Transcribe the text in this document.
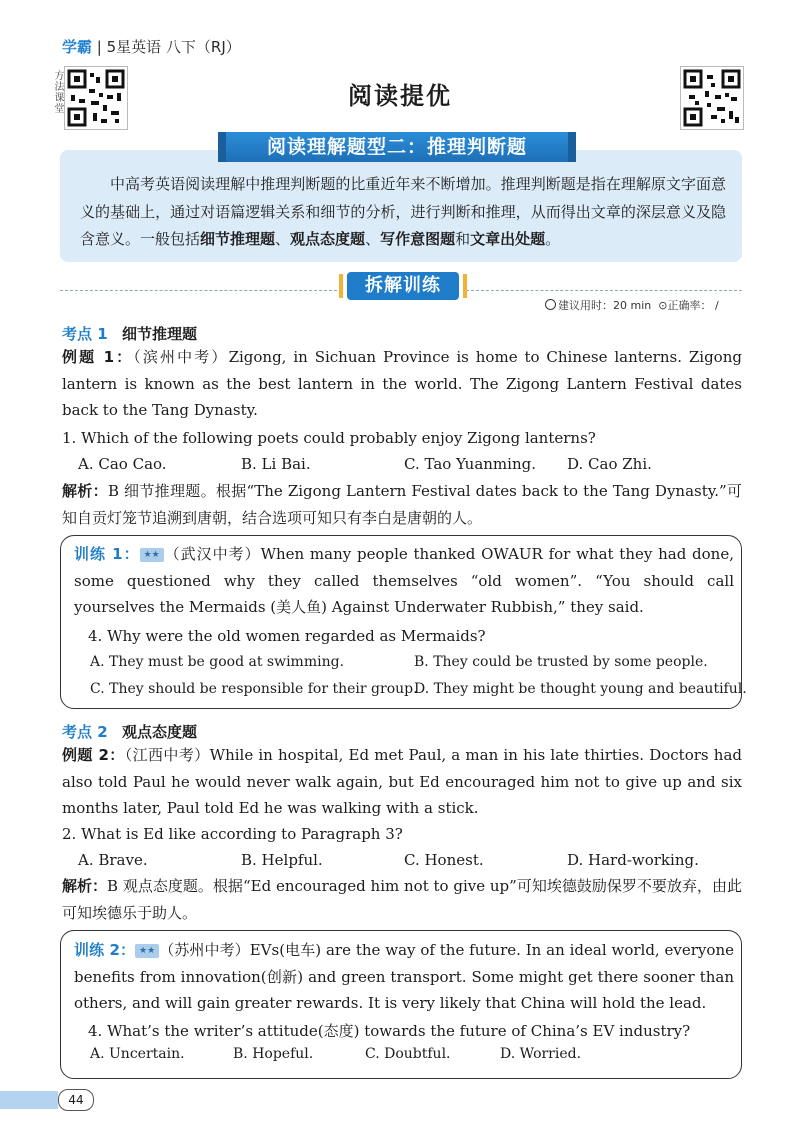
学霸 | 5星英语 八下（RJ）
方法课堂	阅读提优
阅读理解题型二：推理判断题
中高考英语阅读理解中推理判断题的比重近年来不断增加。推理判断题是指在理解原文字面意义的基础上，通过对语篇逻辑关系和细节的分析，进行判断和推理，从而得出文章的深层意义及隐含意义。一般包括细节推理题、观点态度题、写作意图题和文章出处题。
拆解训练
建议用时：20 min ⊙正确率： /
考点 1 细节推理题
例题 1：（滨州中考）Zigong, in Sichuan Province is home to Chinese lanterns. Zigong lantern is known as the best lantern in the world. The Zigong Lantern Festival dates back to the Tang Dynasty.
1. Which of the following poets could probably enjoy Zigong lanterns?
A. Cao Cao.	B. Li Bai.	C. Tao Yuanming. D. Cao Zhi.
解析：B 细节推理题。根据“The Zigong Lantern Festival dates back to the Tang Dynasty.”可知自贡灯笼节追溯到唐朝，结合选项可知只有李白是唐朝的人。
训练 1： ★★ （武汉中考）When many people thanked OWAUR for what they had done, some questioned why they called themselves “old women”. “You should call yourselves the Mermaids (美人鱼) Against Underwater Rubbish,” they said.
4. Why were the old women regarded as Mermaids?
A. They must be good at swimming.	B. They could be trusted by some people.
C. They should be responsible for their group.
D. They might be thought young and beautiful.
考点 2 观点态度题
例题 2：（江西中考）While in hospital, Ed met Paul, a man in his late thirties. Doctors had also told Paul he would never walk again, but Ed encouraged him not to give up and six months later, Paul told Ed he was walking with a stick.
2. What is Ed like according to Paragraph 3?
A. Brave.	B. Helpful.	C. Honest.	D. Hard-working.
解析：B 观点态度题。根据“Ed encouraged him not to give up”可知埃德鼓励保罗不要放弃，由此可知埃德乐于助人。
训练 2： ★★ （苏州中考）EVs(电车) are the way of the future. In an ideal world, everyone benefits from innovation(创新) and green transport. Some might get there sooner than others, and will gain greater rewards. It is very likely that China will hold the lead.
4. What’s the writer’s attitude(态度) towards the future of China’s EV industry?
A. Uncertain.	B. Hopeful.	C. Doubtful.	D. Worried.
44
